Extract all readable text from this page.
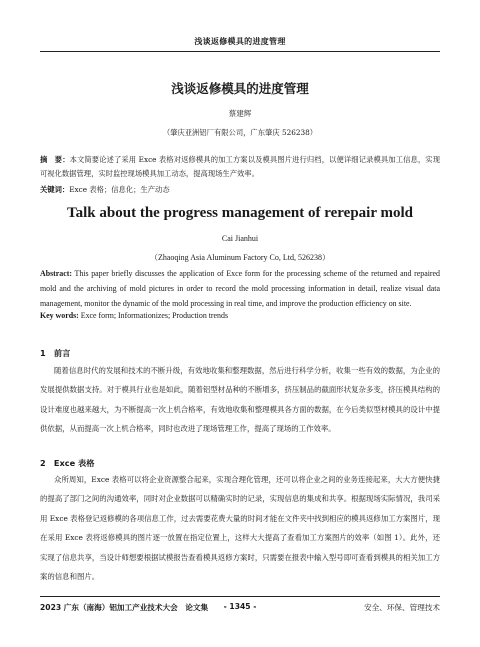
浅谈返修模具的进度管理
浅谈返修模具的进度管理
蔡建辉
（肇庆亚洲铝厂有限公司，广东肇庆 526238）
摘　要：本文简要论述了采用 Exce 表格对返修模具的加工方案以及模具图片进行归档，以便详细记录模具加工信息，实现可视化数据管理，实时监控现场模具加工动态，提高现场生产效率。
关键词：Exce 表格；信息化；生产动态
Talk about the progress management of rerepair mold
Cai Jianhui
（Zhaoqing Asia Aluminum Factory Co, Ltd, 526238）
Abstract: This paper briefly discusses the application of Exce form for the processing scheme of the returned and repaired mold and the archiving of mold pictures in order to record the mold processing information in detail, realize visual data management, monitor the dynamic of the mold processing in real time, and improve the production efficiency on site.
Key words: Exce form; Informationizes; Production trends
1　前言
随着信息时代的发展和技术的不断升级，有效地收集和整理数据，然后进行科学分析，收集一些有效的数据，为企业的发展提供数据支持。对于模具行业也是如此，随着铝型材品种的不断增多，挤压制品的截面形状复杂多变，挤压模具结构的设计难度也越来越大，为不断提高一次上机合格率，有效地收集和整理模具各方面的数据，在今后类似型材模具的设计中提供依据，从而提高一次上机合格率，同时也改进了现场管理工作，提高了现场的工作效率。
2　Exce 表格
众所周知，Exce 表格可以将企业资源整合起来，实现合理化管理，还可以将企业之间的业务连接起来，大大方便快捷的提高了部门之间的沟通效率，同时对企业数据可以精确实时的记录，实现信息的集成和共享。根据现场实际情况，我司采用 Exce 表格登记返修模的各项信息工作，过去需要花费大量的时间才能在文件夹中找到相应的模具返修加工方案图片，现在采用 Exce 表将返修模具的图片逐一放置在指定位置上，这样大大提高了查看加工方案图片的效率（如图 1）。此外，还实现了信息共享，当设计师想要根据试模报告查看模具返修方案时，只需要在报表中输入型号即可查看到模具的相关加工方案的信息和图片。
2023 广东（南海）铝加工产业技术大会　论文集	- 1345 -	安全、环保、管理技术
